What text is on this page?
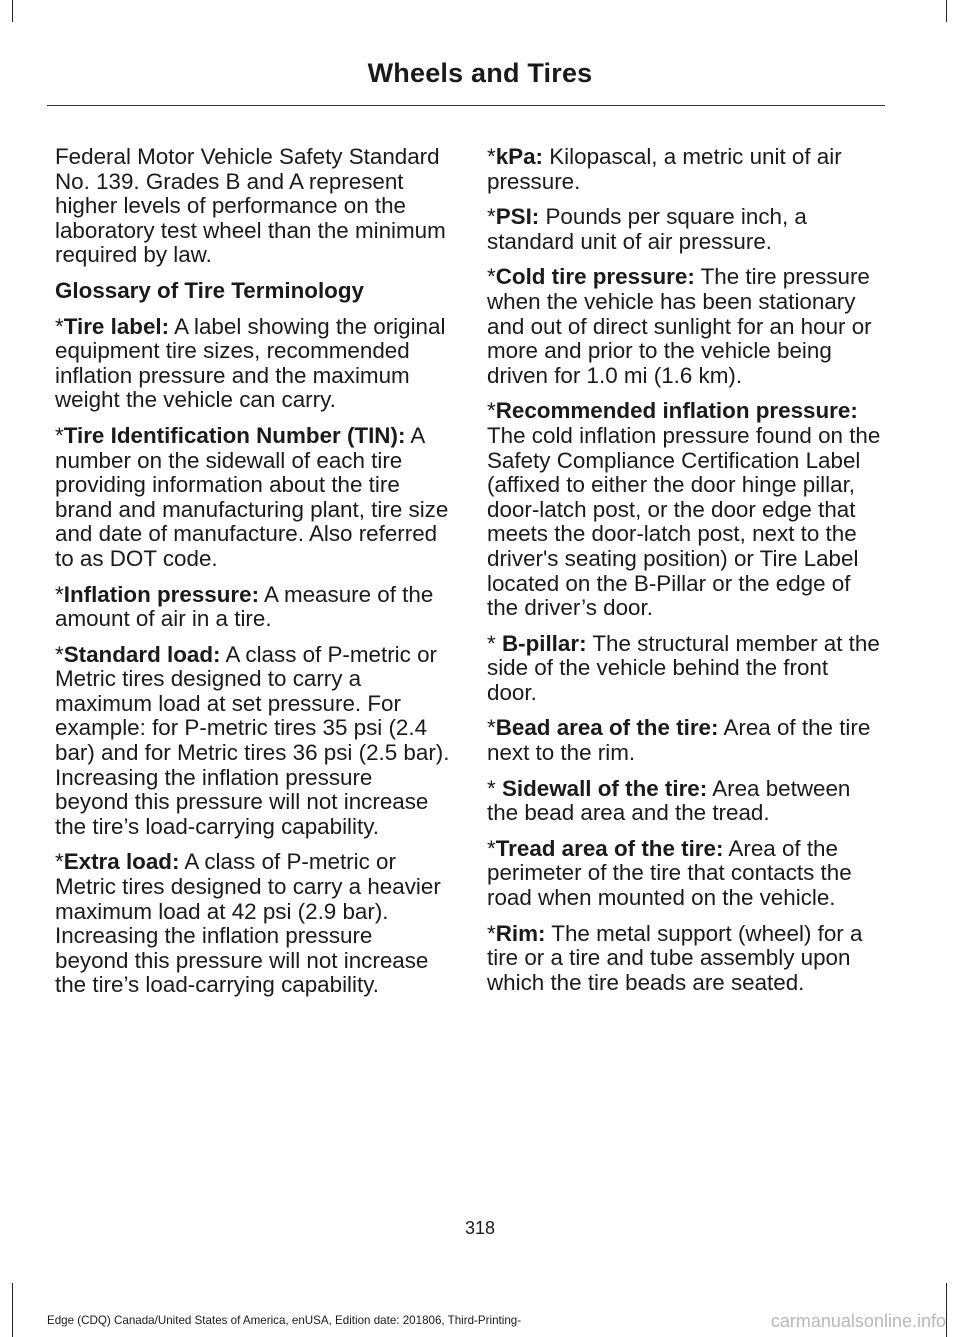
Wheels and Tires

Federal Motor Vehicle Safety Standard No. 139. Grades B and A represent higher levels of performance on the laboratory test wheel than the minimum required by law.

Glossary of Tire Terminology

*Tire label: A label showing the original equipment tire sizes, recommended inflation pressure and the maximum weight the vehicle can carry.

*Tire Identification Number (TIN): A number on the sidewall of each tire providing information about the tire brand and manufacturing plant, tire size and date of manufacture. Also referred to as DOT code.

*Inflation pressure: A measure of the amount of air in a tire.

*Standard load: A class of P-metric or Metric tires designed to carry a maximum load at set pressure. For example: for P-metric tires 35 psi (2.4 bar) and for Metric tires 36 psi (2.5 bar). Increasing the inflation pressure beyond this pressure will not increase the tire’s load-carrying capability.

*Extra load: A class of P-metric or Metric tires designed to carry a heavier maximum load at 42 psi (2.9 bar). Increasing the inflation pressure beyond this pressure will not increase the tire’s load-carrying capability.

*kPa: Kilopascal, a metric unit of air pressure.

*PSI: Pounds per square inch, a standard unit of air pressure.

*Cold tire pressure: The tire pressure when the vehicle has been stationary and out of direct sunlight for an hour or more and prior to the vehicle being driven for 1.0 mi (1.6 km).

*Recommended inflation pressure: The cold inflation pressure found on the Safety Compliance Certification Label (affixed to either the door hinge pillar, door-latch post, or the door edge that meets the door-latch post, next to the driver's seating position) or Tire Label located on the B-Pillar or the edge of the driver’s door.

* B-pillar: The structural member at the side of the vehicle behind the front door.

*Bead area of the tire: Area of the tire next to the rim.

* Sidewall of the tire: Area between the bead area and the tread.

*Tread area of the tire: Area of the perimeter of the tire that contacts the road when mounted on the vehicle.

*Rim: The metal support (wheel) for a tire or a tire and tube assembly upon which the tire beads are seated.

318
Edge (CDQ) Canada/United States of America, enUSA, Edition date: 201806, Third-Printing-	carmanualsonline.info
